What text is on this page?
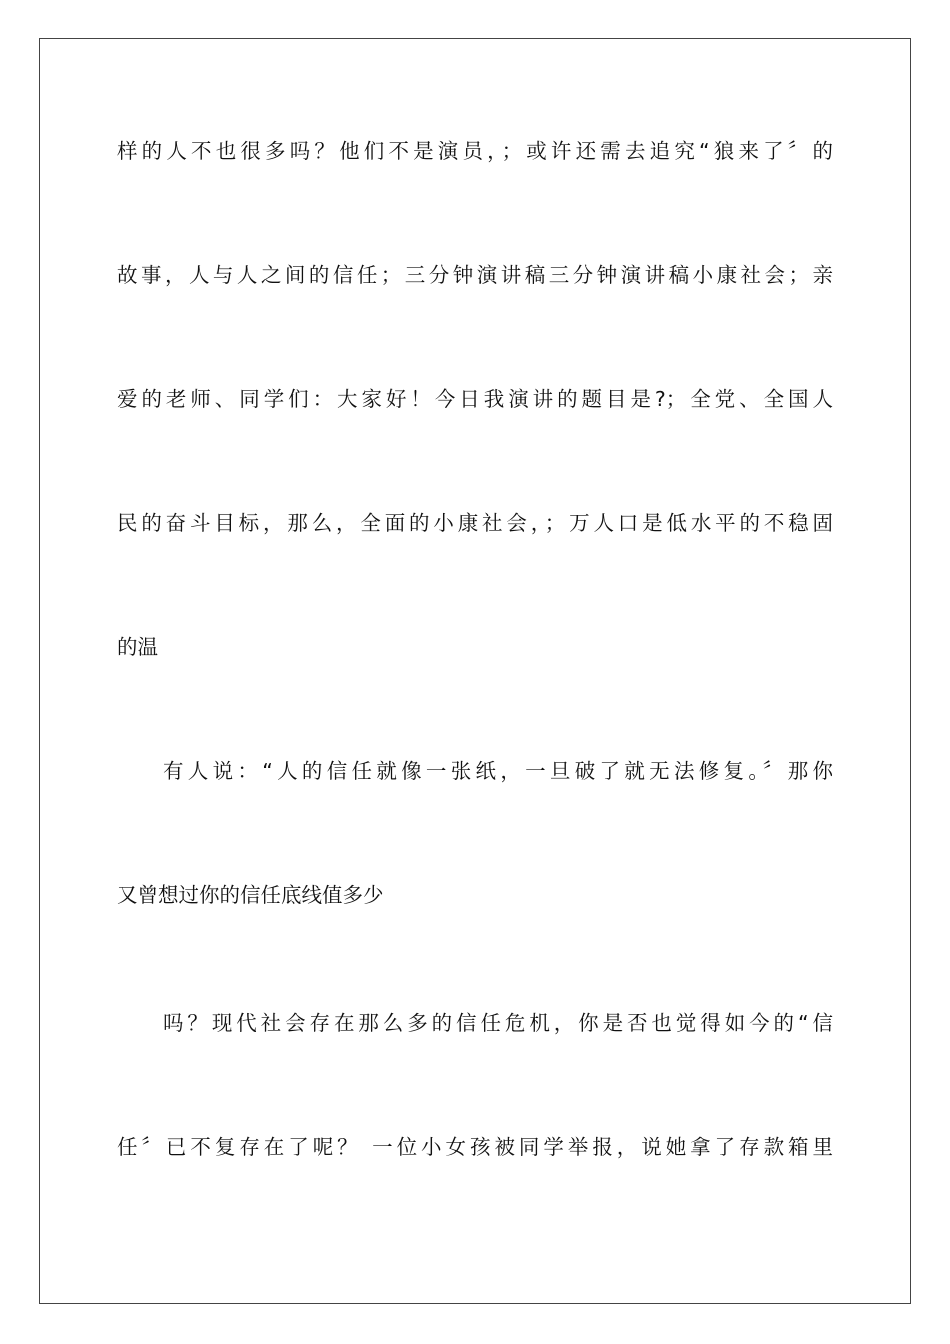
样的人不也很多吗？他们不是演员，；或许还需去追究“狼来了〞的
故事，人与人之间的信任；三分钟演讲稿三分钟演讲稿小康社会；亲
爱的老师、同学们：大家好！今日我演讲的题目是?；全党、全国人
民的奋斗目标，那么，全面的小康社会，；万人口是低水平的不稳固
的温
有人说：“人的信任就像一张纸，一旦破了就无法修复。〞那你
又曾想过你的信任底线值多少
吗？现代社会存在那么多的信任危机，你是否也觉得如今的“信
任〞已不复存在了呢？ 一位小女孩被同学举报，说她拿了存款箱里
